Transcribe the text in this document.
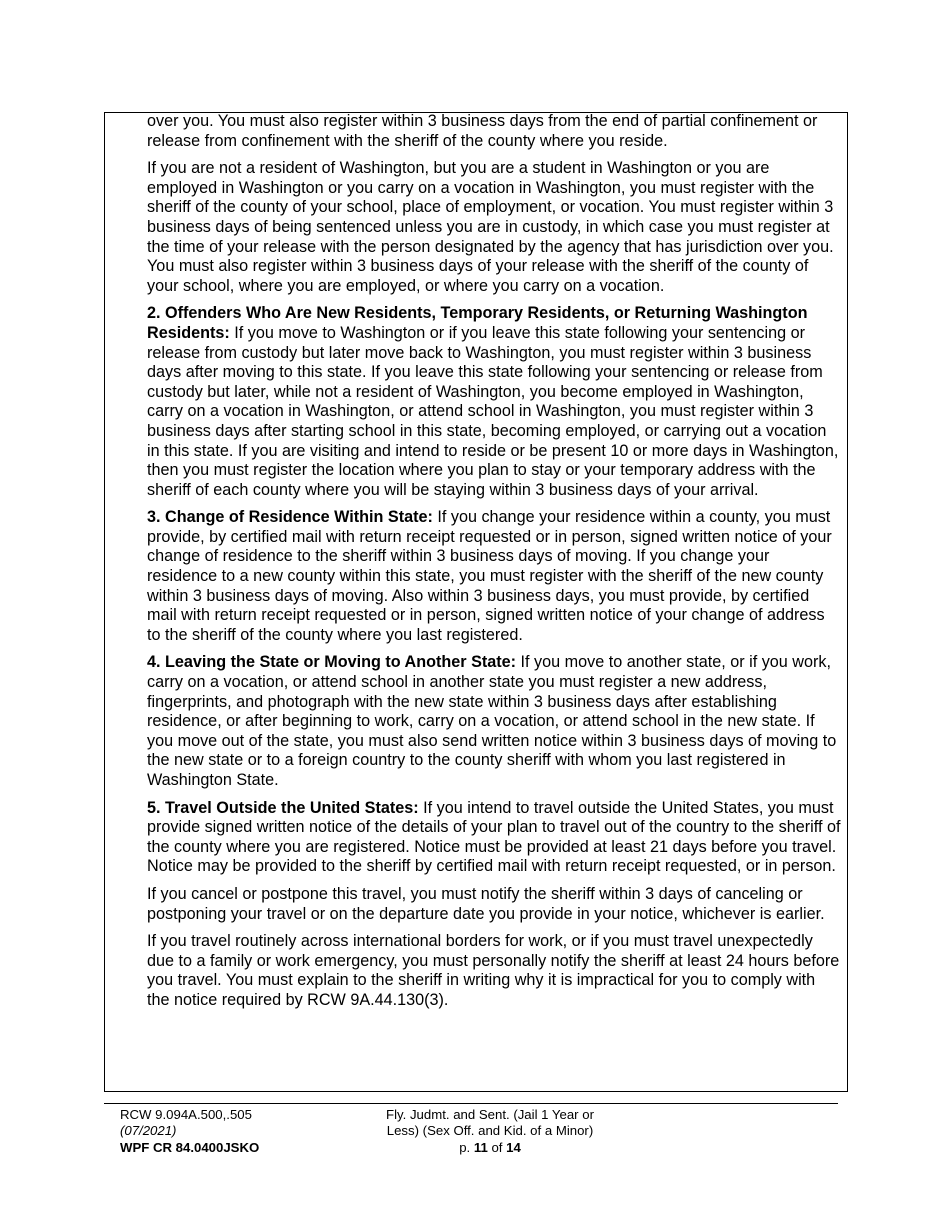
over you. You must also register within 3 business days from the end of partial confinement or release from confinement with the sheriff of the county where you reside.

If you are not a resident of Washington, but you are a student in Washington or you are employed in Washington or you carry on a vocation in Washington, you must register with the sheriff of the county of your school, place of employment, or vocation. You must register within 3 business days of being sentenced unless you are in custody, in which case you must register at the time of your release with the person designated by the agency that has jurisdiction over you. You must also register within 3 business days of your release with the sheriff of the county of your school, where you are employed, or where you carry on a vocation.

2. Offenders Who Are New Residents, Temporary Residents, or Returning Washington Residents: If you move to Washington or if you leave this state following your sentencing or release from custody but later move back to Washington, you must register within 3 business days after moving to this state. If you leave this state following your sentencing or release from custody but later, while not a resident of Washington, you become employed in Washington, carry on a vocation in Washington, or attend school in Washington, you must register within 3 business days after starting school in this state, becoming employed, or carrying out a vocation in this state. If you are visiting and intend to reside or be present 10 or more days in Washington, then you must register the location where you plan to stay or your temporary address with the sheriff of each county where you will be staying within 3 business days of your arrival.

3. Change of Residence Within State: If you change your residence within a county, you must provide, by certified mail with return receipt requested or in person, signed written notice of your change of residence to the sheriff within 3 business days of moving. If you change your residence to a new county within this state, you must register with the sheriff of the new county within 3 business days of moving. Also within 3 business days, you must provide, by certified mail with return receipt requested or in person, signed written notice of your change of address to the sheriff of the county where you last registered.

4. Leaving the State or Moving to Another State: If you move to another state, or if you work, carry on a vocation, or attend school in another state you must register a new address, fingerprints, and photograph with the new state within 3 business days after establishing residence, or after beginning to work, carry on a vocation, or attend school in the new state. If you move out of the state, you must also send written notice within 3 business days of moving to the new state or to a foreign country to the county sheriff with whom you last registered in Washington State.

5. Travel Outside the United States: If you intend to travel outside the United States, you must provide signed written notice of the details of your plan to travel out of the country to the sheriff of the county where you are registered. Notice must be provided at least 21 days before you travel. Notice may be provided to the sheriff by certified mail with return receipt requested, or in person.

If you cancel or postpone this travel, you must notify the sheriff within 3 days of canceling or postponing your travel or on the departure date you provide in your notice, whichever is earlier.

If you travel routinely across international borders for work, or if you must travel unexpectedly due to a family or work emergency, you must personally notify the sheriff at least 24 hours before you travel. You must explain to the sheriff in writing why it is impractical for you to comply with the notice required by RCW 9A.44.130(3).

RCW 9.094A.500,.505
(07/2021)
WPF CR 84.0400JSKO
Fly. Judmt. and Sent. (Jail 1 Year or
Less) (Sex Off. and Kid. of a Minor)
p. 11 of 14
